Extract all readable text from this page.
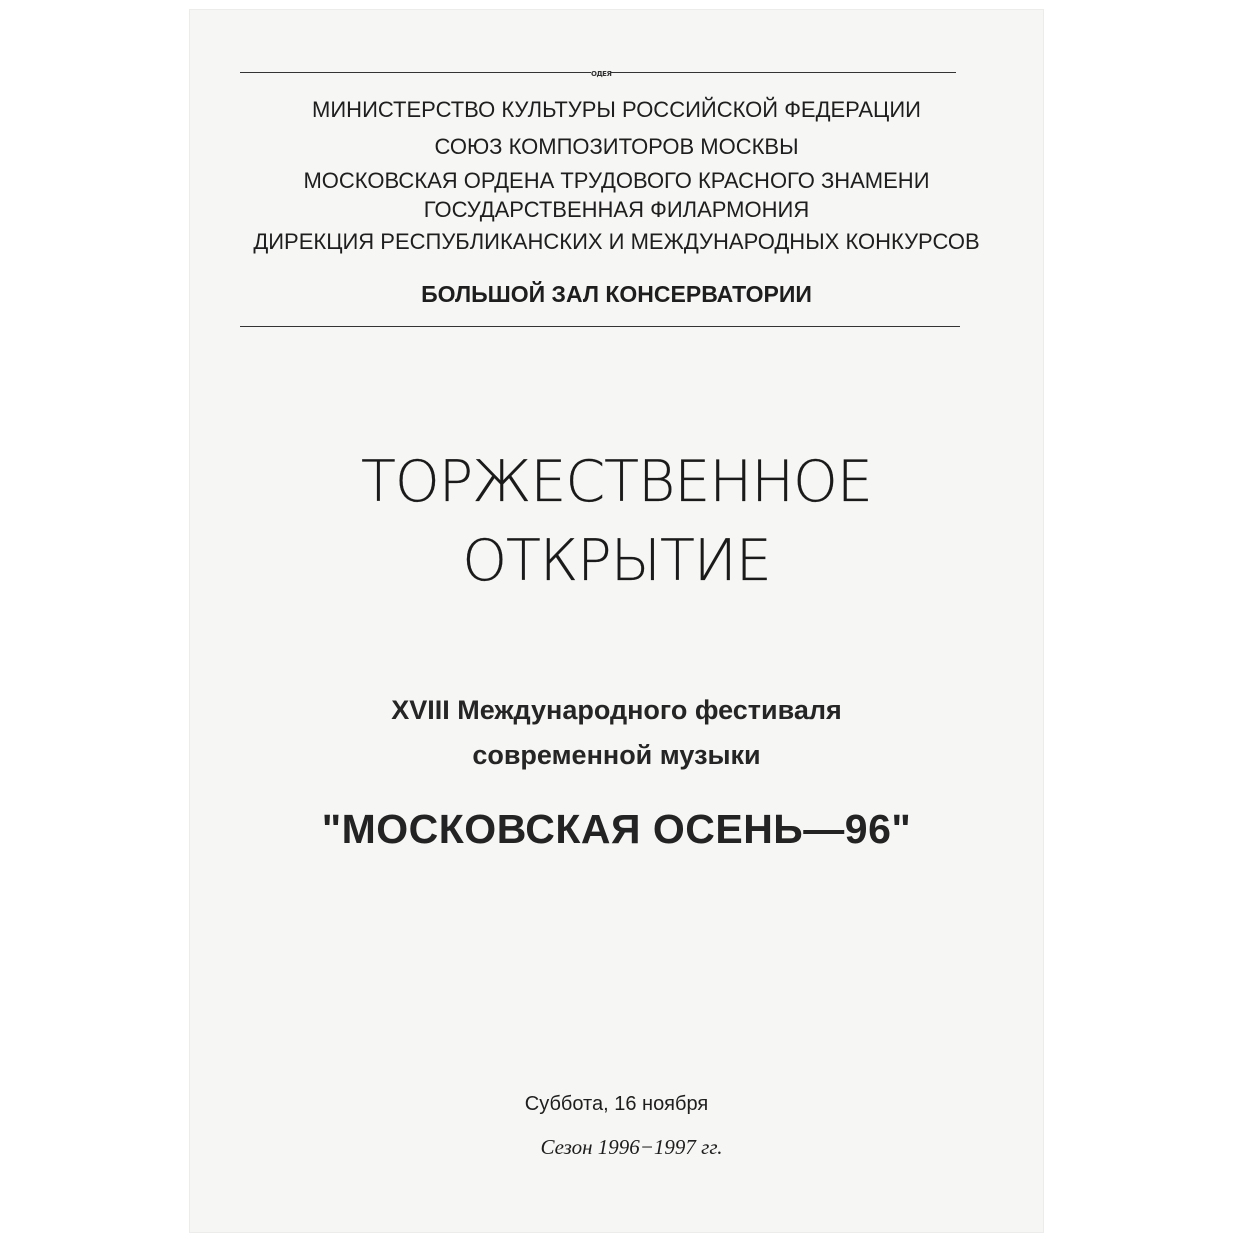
ОДЕЯ
МИНИСТЕРСТВО КУЛЬТУРЫ РОССИЙСКОЙ ФЕДЕРАЦИИ
СОЮЗ КОМПОЗИТОРОВ МОСКВЫ
МОСКОВСКАЯ ОРДЕНА ТРУДОВОГО КРАСНОГО ЗНАМЕНИ
ГОСУДАРСТВЕННАЯ ФИЛАРМОНИЯ
ДИРЕКЦИЯ РЕСПУБЛИКАНСКИХ И МЕЖДУНАРОДНЫХ КОНКУРСОВ
БОЛЬШОЙ ЗАЛ КОНСЕРВАТОРИИ
ТОРЖЕСТВЕННОЕ
ОТКРЫТИЕ
XVIII Международного фестиваля
современной музыки
"МОСКОВСКАЯ ОСЕНЬ—96"
Суббота, 16 ноября
Сезон 1996−1997 гг.
